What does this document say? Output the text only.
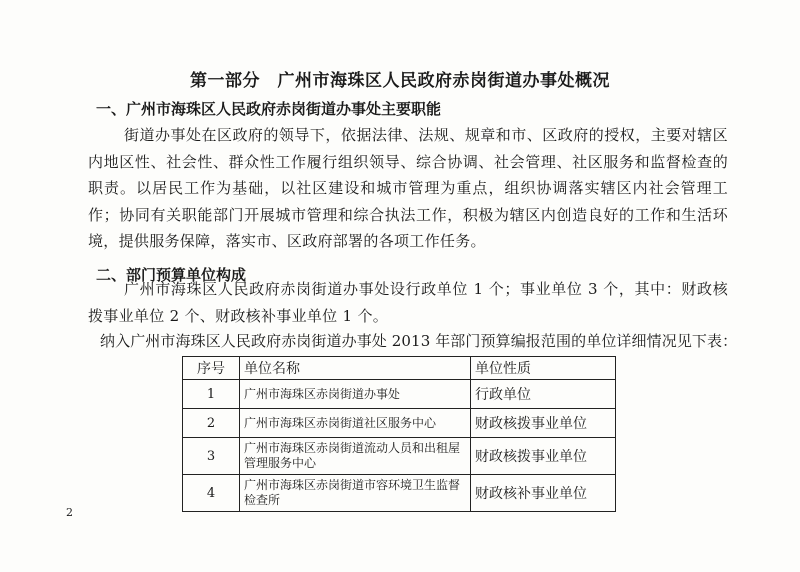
第一部分　广州市海珠区人民政府赤岗街道办事处概况
一、广州市海珠区人民政府赤岗街道办事处主要职能
街道办事处在区政府的领导下，依据法律、法规、规章和市、区政府的授权，主要对辖区内地区性、社会性、群众性工作履行组织领导、综合协调、社会管理、社区服务和监督检查的职责。以居民工作为基础，以社区建设和城市管理为重点，组织协调落实辖区内社会管理工作；协同有关职能部门开展城市管理和综合执法工作，积极为辖区内创造良好的工作和生活环境，提供服务保障，落实市、区政府部署的各项工作任务。
二、部门预算单位构成
广州市海珠区人民政府赤岗街道办事处设行政单位 1 个；事业单位 3 个，其中：财政核拨事业单位 2 个、财政核补事业单位 1 个。
纳入广州市海珠区人民政府赤岗街道办事处 2013 年部门预算编报范围的单位详细情况见下表：
序号	单位名称	单位性质
1	广州市海珠区赤岗街道办事处	行政单位
2	广州市海珠区赤岗街道社区服务中心	财政核拨事业单位
3	广州市海珠区赤岗街道流动人员和出租屋管理服务中心	财政核拨事业单位
4	广州市海珠区赤岗街道市容环境卫生监督检查所	财政核补事业单位
2
